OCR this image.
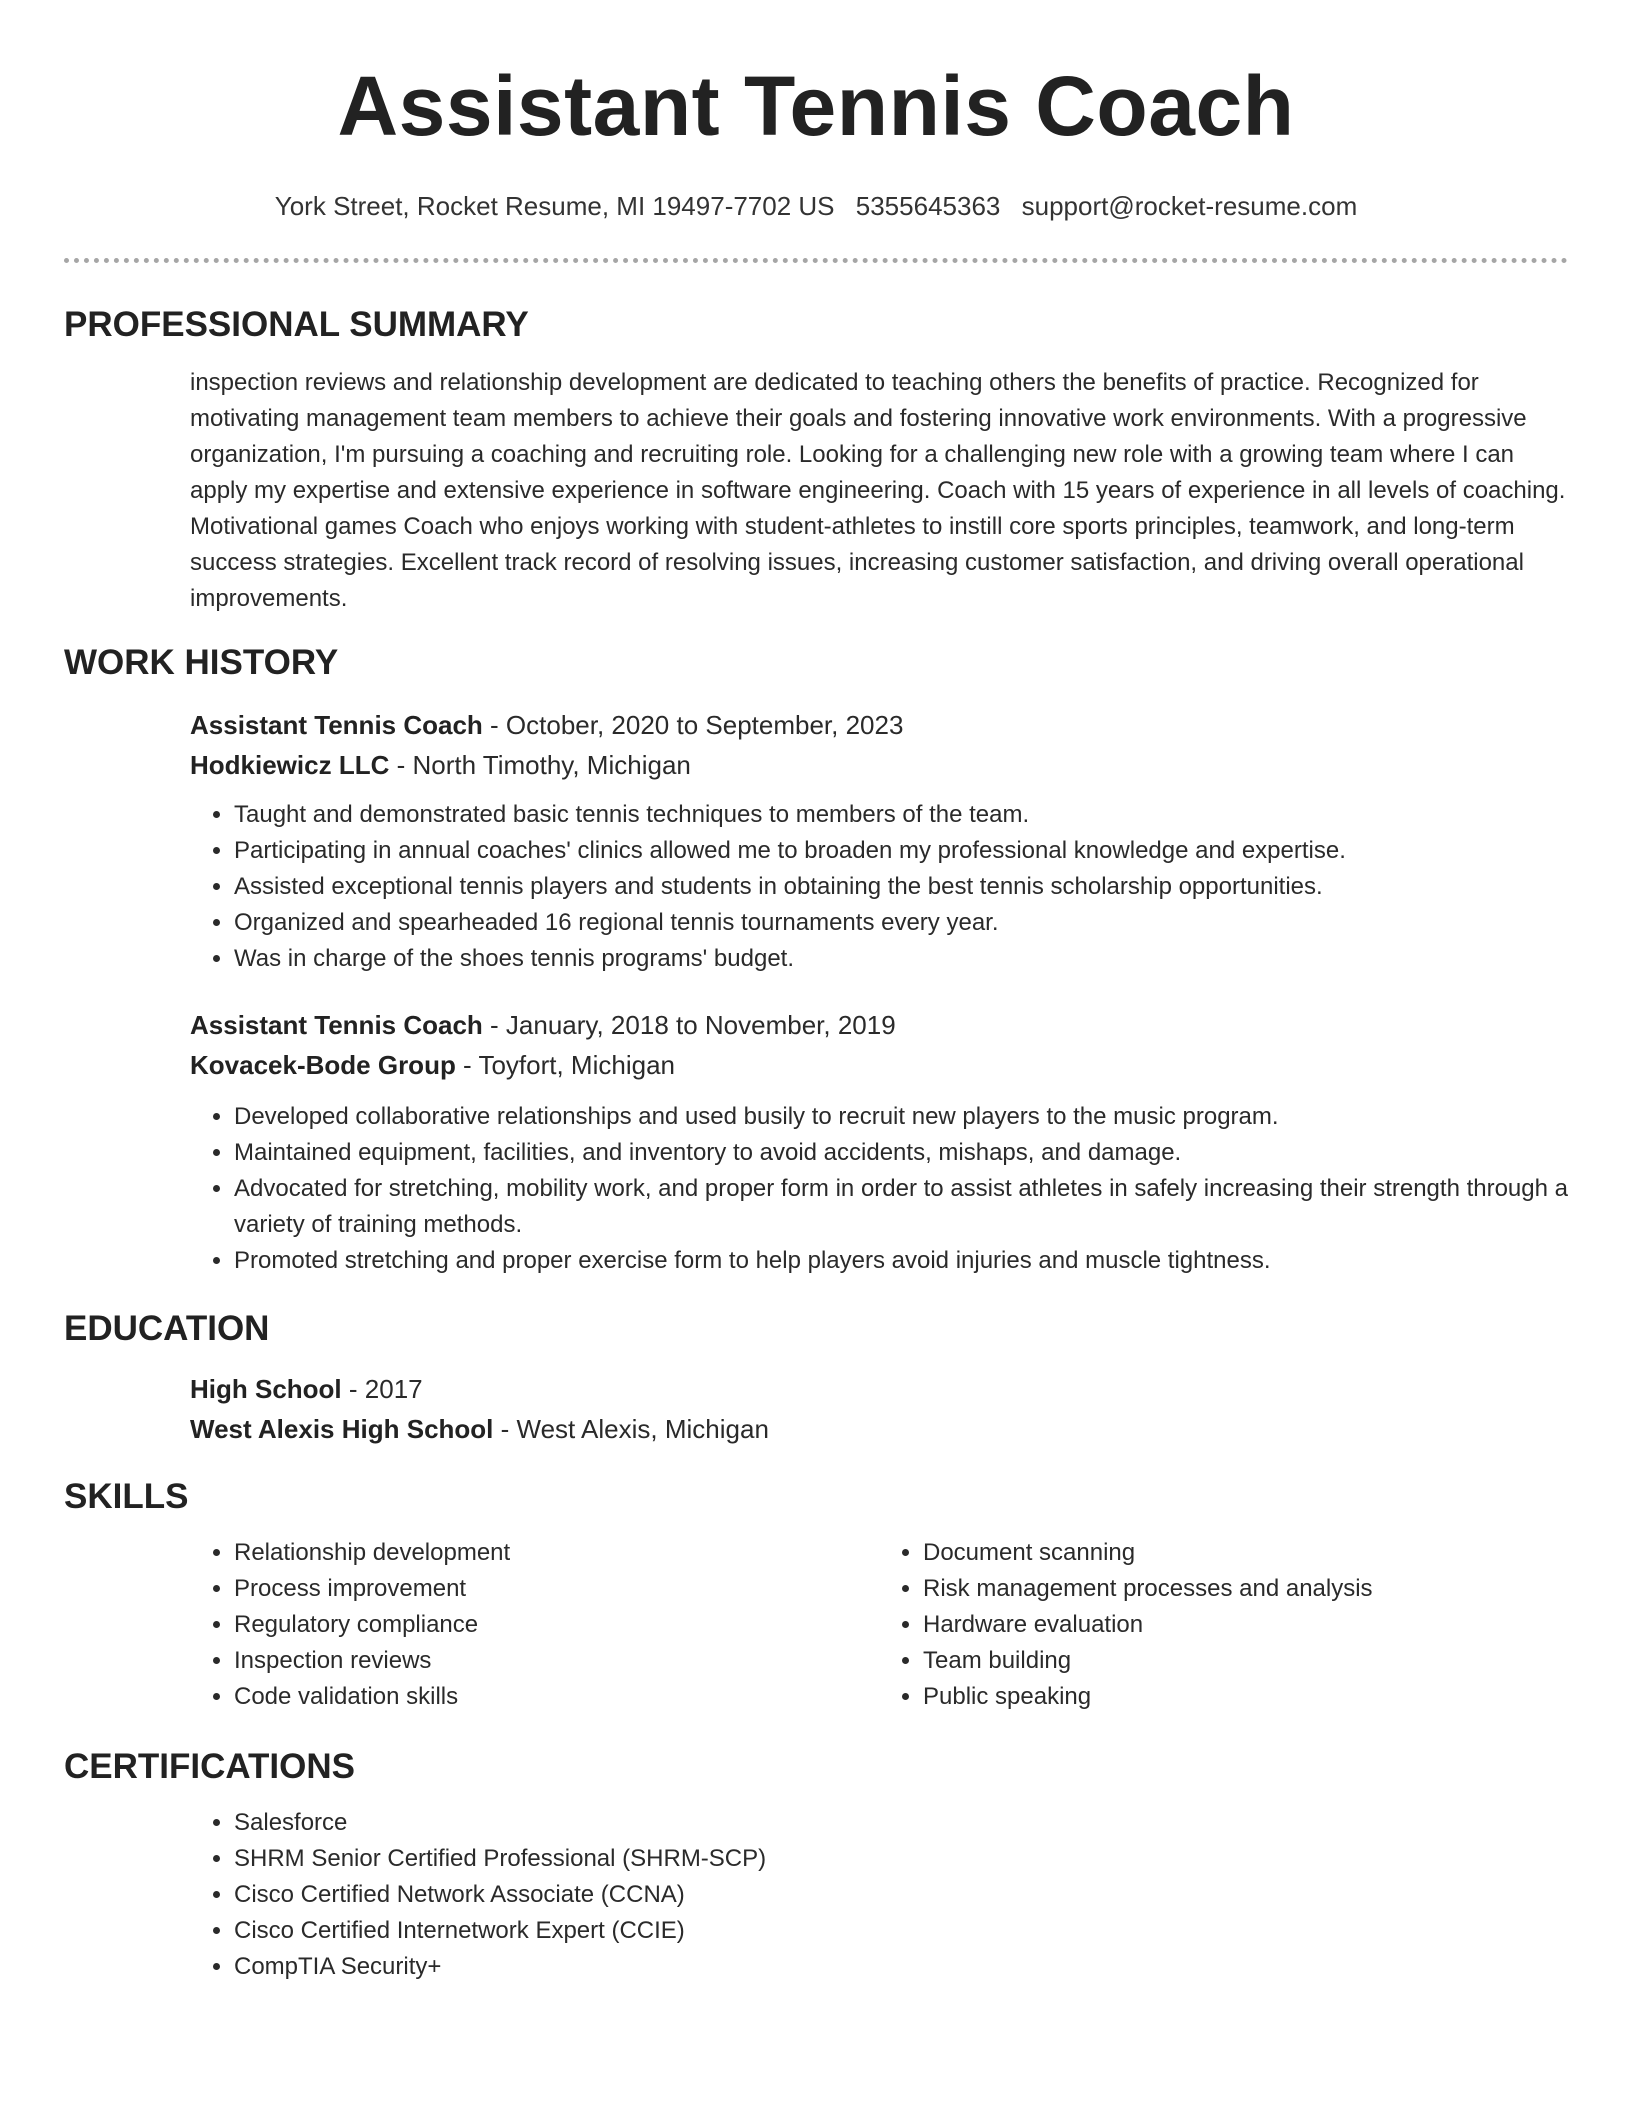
Assistant Tennis Coach
York Street, Rocket Resume, MI 19497-7702 US 5355645363 support@rocket-resume.com
PROFESSIONAL SUMMARY

inspection reviews and relationship development are dedicated to teaching others the benefits of practice. Recognized for motivating management team members to achieve their goals and fostering innovative work environments. With a progressive organization, I'm pursuing a coaching and recruiting role. Looking for a challenging new role with a growing team where I can apply my expertise and extensive experience in software engineering. Coach with 15 years of experience in all levels of coaching. Motivational games Coach who enjoys working with student-athletes to instill core sports principles, teamwork, and long-term success strategies. Excellent track record of resolving issues, increasing customer satisfaction, and driving overall operational improvements.

WORK HISTORY
Assistant Tennis Coach - October, 2020 to September, 2023
Hodkiewicz LLC - North Timothy, Michigan
• Taught and demonstrated basic tennis techniques to members of the team.
• Participating in annual coaches' clinics allowed me to broaden my professional knowledge and expertise.
• Assisted exceptional tennis players and students in obtaining the best tennis scholarship opportunities.
• Organized and spearheaded 16 regional tennis tournaments every year.
• Was in charge of the shoes tennis programs' budget.
Assistant Tennis Coach - January, 2018 to November, 2019
Kovacek-Bode Group - Toyfort, Michigan
• Developed collaborative relationships and used busily to recruit new players to the music program.
• Maintained equipment, facilities, and inventory to avoid accidents, mishaps, and damage.
• Advocated for stretching, mobility work, and proper form in order to assist athletes in safely increasing their strength through a variety of training methods.
• Promoted stretching and proper exercise form to help players avoid injuries and muscle tightness.
EDUCATION
High School - 2017
West Alexis High School - West Alexis, Michigan
SKILLS
• Relationship development
• Process improvement
• Regulatory compliance
• Inspection reviews
• Code validation skills
• Document scanning
• Risk management processes and analysis
• Hardware evaluation
• Team building
• Public speaking
CERTIFICATIONS
• Salesforce
• SHRM Senior Certified Professional (SHRM-SCP)
• Cisco Certified Network Associate (CCNA)
• Cisco Certified Internetwork Expert (CCIE)
• CompTIA Security+
